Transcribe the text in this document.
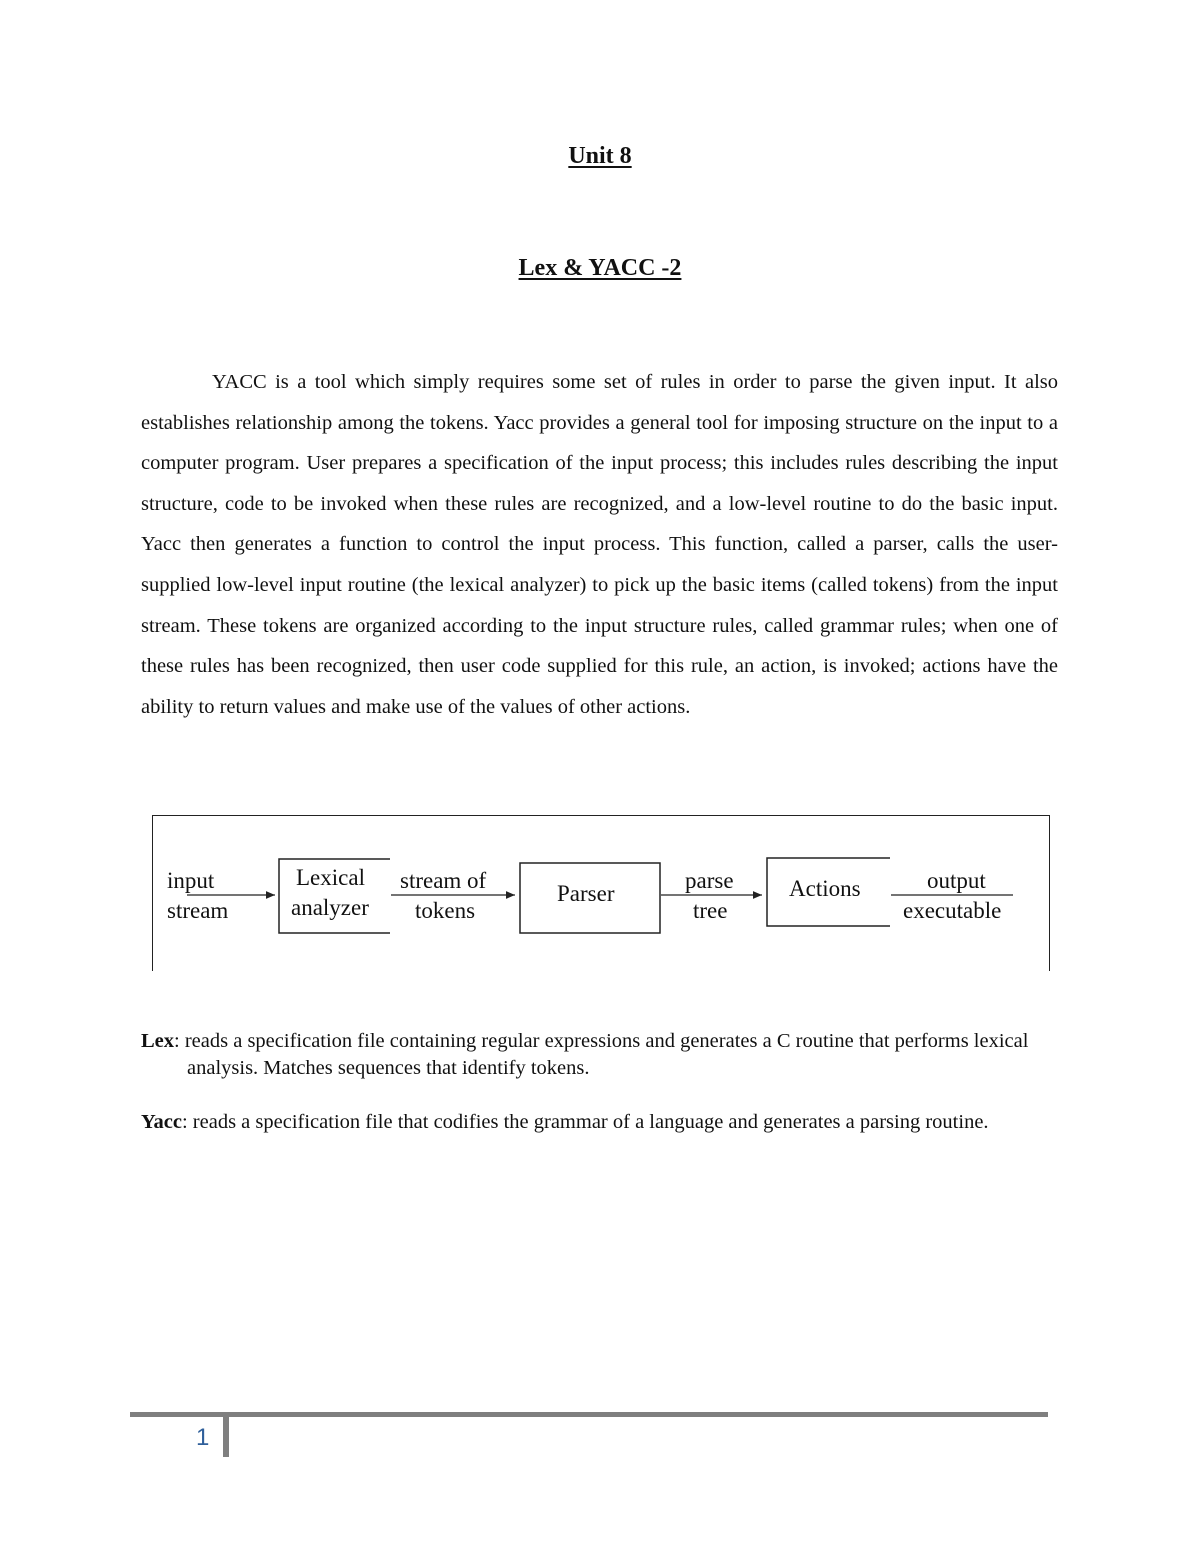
Unit 8
Lex & YACC -2

YACC is a tool which simply requires some set of rules in order to parse the given input. It also establishes relationship among the tokens. Yacc provides a general tool for imposing structure on the input to a computer program. User prepares a specification of the input process; this includes rules describing the input structure, code to be invoked when these rules are recognized, and a low-level routine to do the basic input. Yacc then generates a function to control the input process. This function, called a parser, calls the user-supplied low-level input routine (the lexical analyzer) to pick up the basic items (called tokens) from the input stream. These tokens are organized according to the input structure rules, called grammar rules; when one of these rules has been recognized, then user code supplied for this rule, an action, is invoked; actions have the ability to return values and make use of the values of other actions.

input
stream
Lexical
analyzer
stream of
tokens
Parser
parse
tree
Actions	output
executable

Lex: reads a specification file containing regular expressions and generates a C routine that performs lexical analysis. Matches sequences that identify tokens.

Yacc: reads a specification file that codifies the grammar of a language and generates a parsing routine.

1
